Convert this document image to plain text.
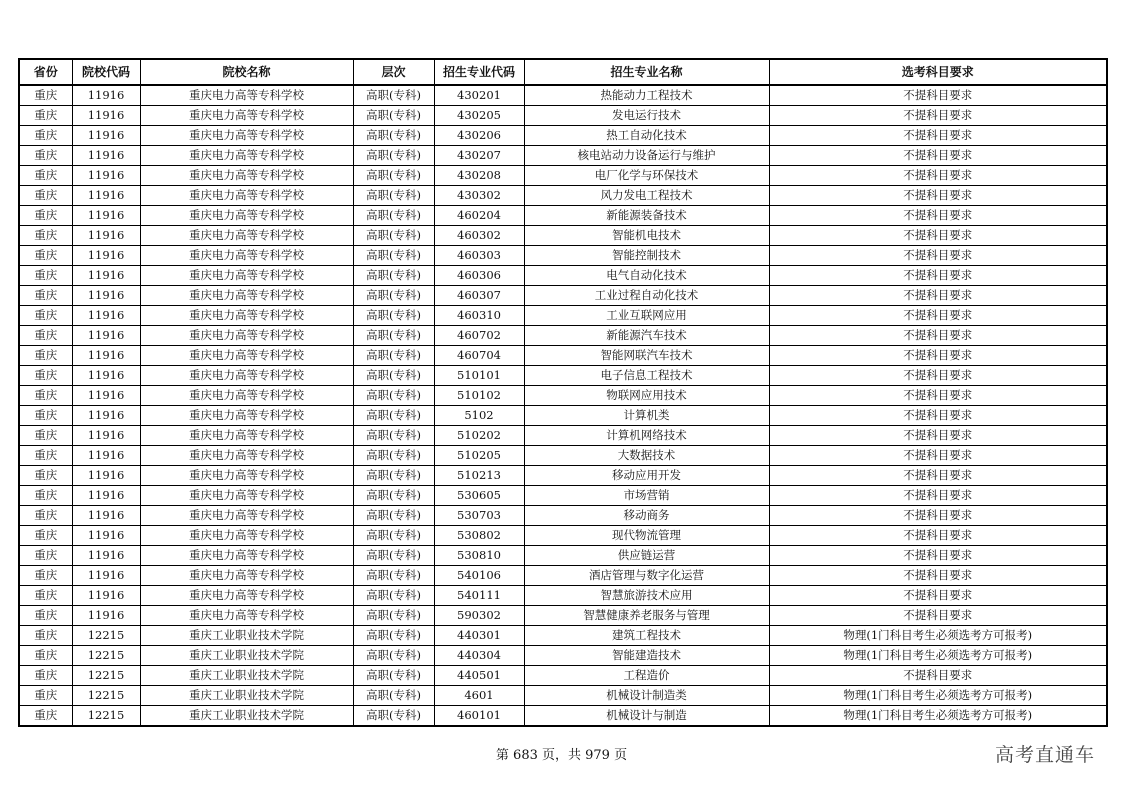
省份	院校代码	院校名称	层次	招生专业代码	招生专业名称	选考科目要求
重庆	11916	重庆电力高等专科学校	高职(专科)	430201	热能动力工程技术	不提科目要求
重庆	11916	重庆电力高等专科学校	高职(专科)	430205	发电运行技术	不提科目要求
重庆	11916	重庆电力高等专科学校	高职(专科)	430206	热工自动化技术	不提科目要求
重庆	11916	重庆电力高等专科学校	高职(专科)	430207	核电站动力设备运行与维护	不提科目要求
重庆	11916	重庆电力高等专科学校	高职(专科)	430208	电厂化学与环保技术	不提科目要求
重庆	11916	重庆电力高等专科学校	高职(专科)	430302	风力发电工程技术	不提科目要求
重庆	11916	重庆电力高等专科学校	高职(专科)	460204	新能源装备技术	不提科目要求
重庆	11916	重庆电力高等专科学校	高职(专科)	460302	智能机电技术	不提科目要求
重庆	11916	重庆电力高等专科学校	高职(专科)	460303	智能控制技术	不提科目要求
重庆	11916	重庆电力高等专科学校	高职(专科)	460306	电气自动化技术	不提科目要求
重庆	11916	重庆电力高等专科学校	高职(专科)	460307	工业过程自动化技术	不提科目要求
重庆	11916	重庆电力高等专科学校	高职(专科)	460310	工业互联网应用	不提科目要求
重庆	11916	重庆电力高等专科学校	高职(专科)	460702	新能源汽车技术	不提科目要求
重庆	11916	重庆电力高等专科学校	高职(专科)	460704	智能网联汽车技术	不提科目要求
重庆	11916	重庆电力高等专科学校	高职(专科)	510101	电子信息工程技术	不提科目要求
重庆	11916	重庆电力高等专科学校	高职(专科)	510102	物联网应用技术	不提科目要求
重庆	11916	重庆电力高等专科学校	高职(专科)	5102	计算机类	不提科目要求
重庆	11916	重庆电力高等专科学校	高职(专科)	510202	计算机网络技术	不提科目要求
重庆	11916	重庆电力高等专科学校	高职(专科)	510205	大数据技术	不提科目要求
重庆	11916	重庆电力高等专科学校	高职(专科)	510213	移动应用开发	不提科目要求
重庆	11916	重庆电力高等专科学校	高职(专科)	530605	市场营销	不提科目要求
重庆	11916	重庆电力高等专科学校	高职(专科)	530703	移动商务	不提科目要求
重庆	11916	重庆电力高等专科学校	高职(专科)	530802	现代物流管理	不提科目要求
重庆	11916	重庆电力高等专科学校	高职(专科)	530810	供应链运营	不提科目要求
重庆	11916	重庆电力高等专科学校	高职(专科)	540106	酒店管理与数字化运营	不提科目要求
重庆	11916	重庆电力高等专科学校	高职(专科)	540111	智慧旅游技术应用	不提科目要求
重庆	11916	重庆电力高等专科学校	高职(专科)	590302	智慧健康养老服务与管理	不提科目要求
重庆	12215	重庆工业职业技术学院	高职(专科)	440301	建筑工程技术	物理(1门科目考生必须选考方可报考)
重庆	12215	重庆工业职业技术学院	高职(专科)	440304	智能建造技术	物理(1门科目考生必须选考方可报考)
重庆	12215	重庆工业职业技术学院	高职(专科)	440501	工程造价	不提科目要求
重庆	12215	重庆工业职业技术学院	高职(专科)	4601	机械设计制造类	物理(1门科目考生必须选考方可报考)
重庆	12215	重庆工业职业技术学院	高职(专科)	460101	机械设计与制造	物理(1门科目考生必须选考方可报考)
第 683 页，共 979 页	高考直通车
